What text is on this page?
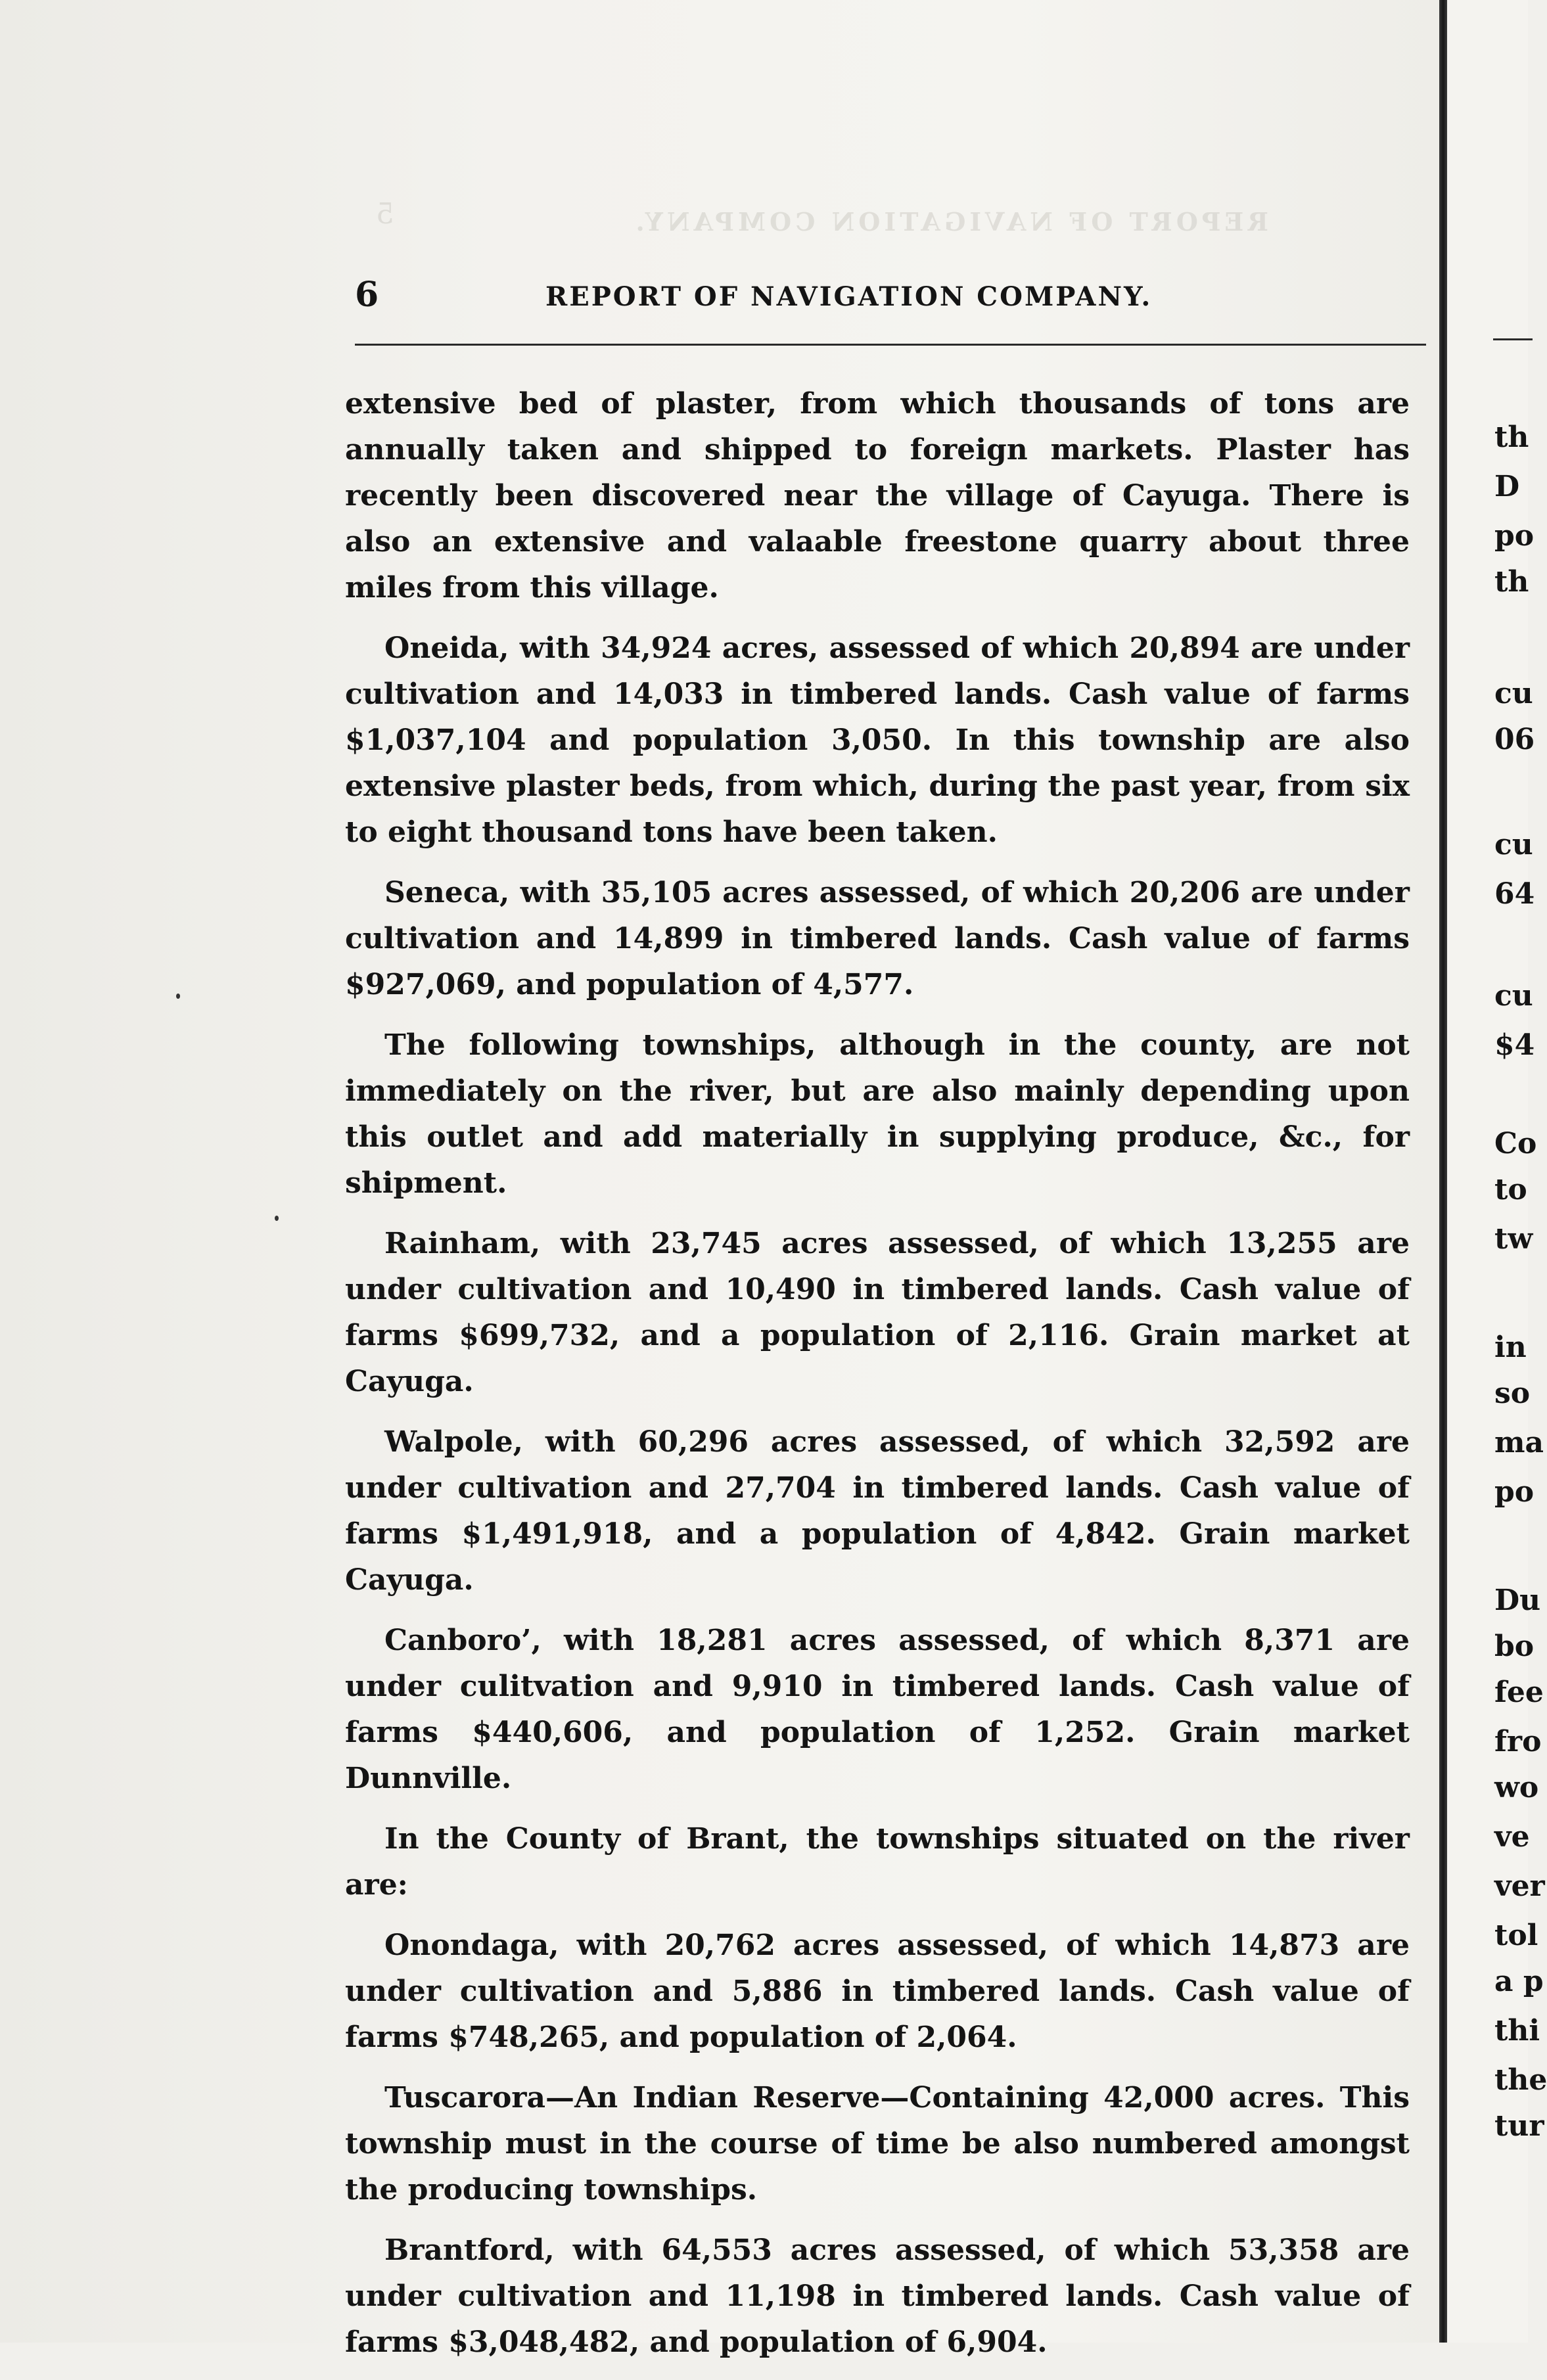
5	REPORT OF NAVIGATION COMPANY.
6	REPORT OF NAVIGATION COMPANY.

extensive bed of plaster, from which thousands of tons are annually taken and shipped to foreign markets. Plaster has recently been discovered near the village of Cayuga. There is also an extensive and valaable freestone quarry about three miles from this village.

Oneida, with 34,924 acres, assessed of which 20,894 are under cultivation and 14,033 in timbered lands. Cash value of farms $1,037,104 and population 3,050. In this township are also extensive plaster beds, from which, during the past year, from six to eight thousand tons have been taken.

Seneca, with 35,105 acres assessed, of which 20,206 are under cultivation and 14,899 in timbered lands. Cash value of farms $927,069, and population of 4,577.

The following townships, although in the county, are not immediately on the river, but are also mainly depending upon this outlet and add materially in supplying produce, &c., for shipment.

Rainham, with 23,745 acres assessed, of which 13,255 are under cultivation and 10,490 in timbered lands. Cash value of farms $699,732, and a population of 2,116. Grain market at Cayuga.

Walpole, with 60,296 acres assessed, of which 32,592 are under cultivation and 27,704 in timbered lands. Cash value of farms $1,491,918, and a population of 4,842. Grain market Cayuga.

Canboro’, with 18,281 acres assessed, of which 8,371 are under culitvation and 9,910 in timbered lands. Cash value of farms $440,606, and population of 1,252. Grain market Dunnville.

In the County of Brant, the townships situated on the river are:

Onondaga, with 20,762 acres assessed, of which 14,873 are under cultivation and 5,886 in timbered lands. Cash value of farms $748,265, and population of 2,064.

Tuscarora—An Indian Reserve—Containing 42,000 acres. This township must in the course of time be also numbered amongst the producing townships.

Brantford, with 64,553 acres assessed, of which 53,358 are under cultivation and 11,198 in timbered lands. Cash value of farms $3,048,482, and population of 6,904.

th
D
po
th
cu
06
cu
64
cu
$4
Co
to
tw
in
so
ma
po
Du
bo
fee
fro
wo
ve
ver
tol
a p
thi
the
tur
